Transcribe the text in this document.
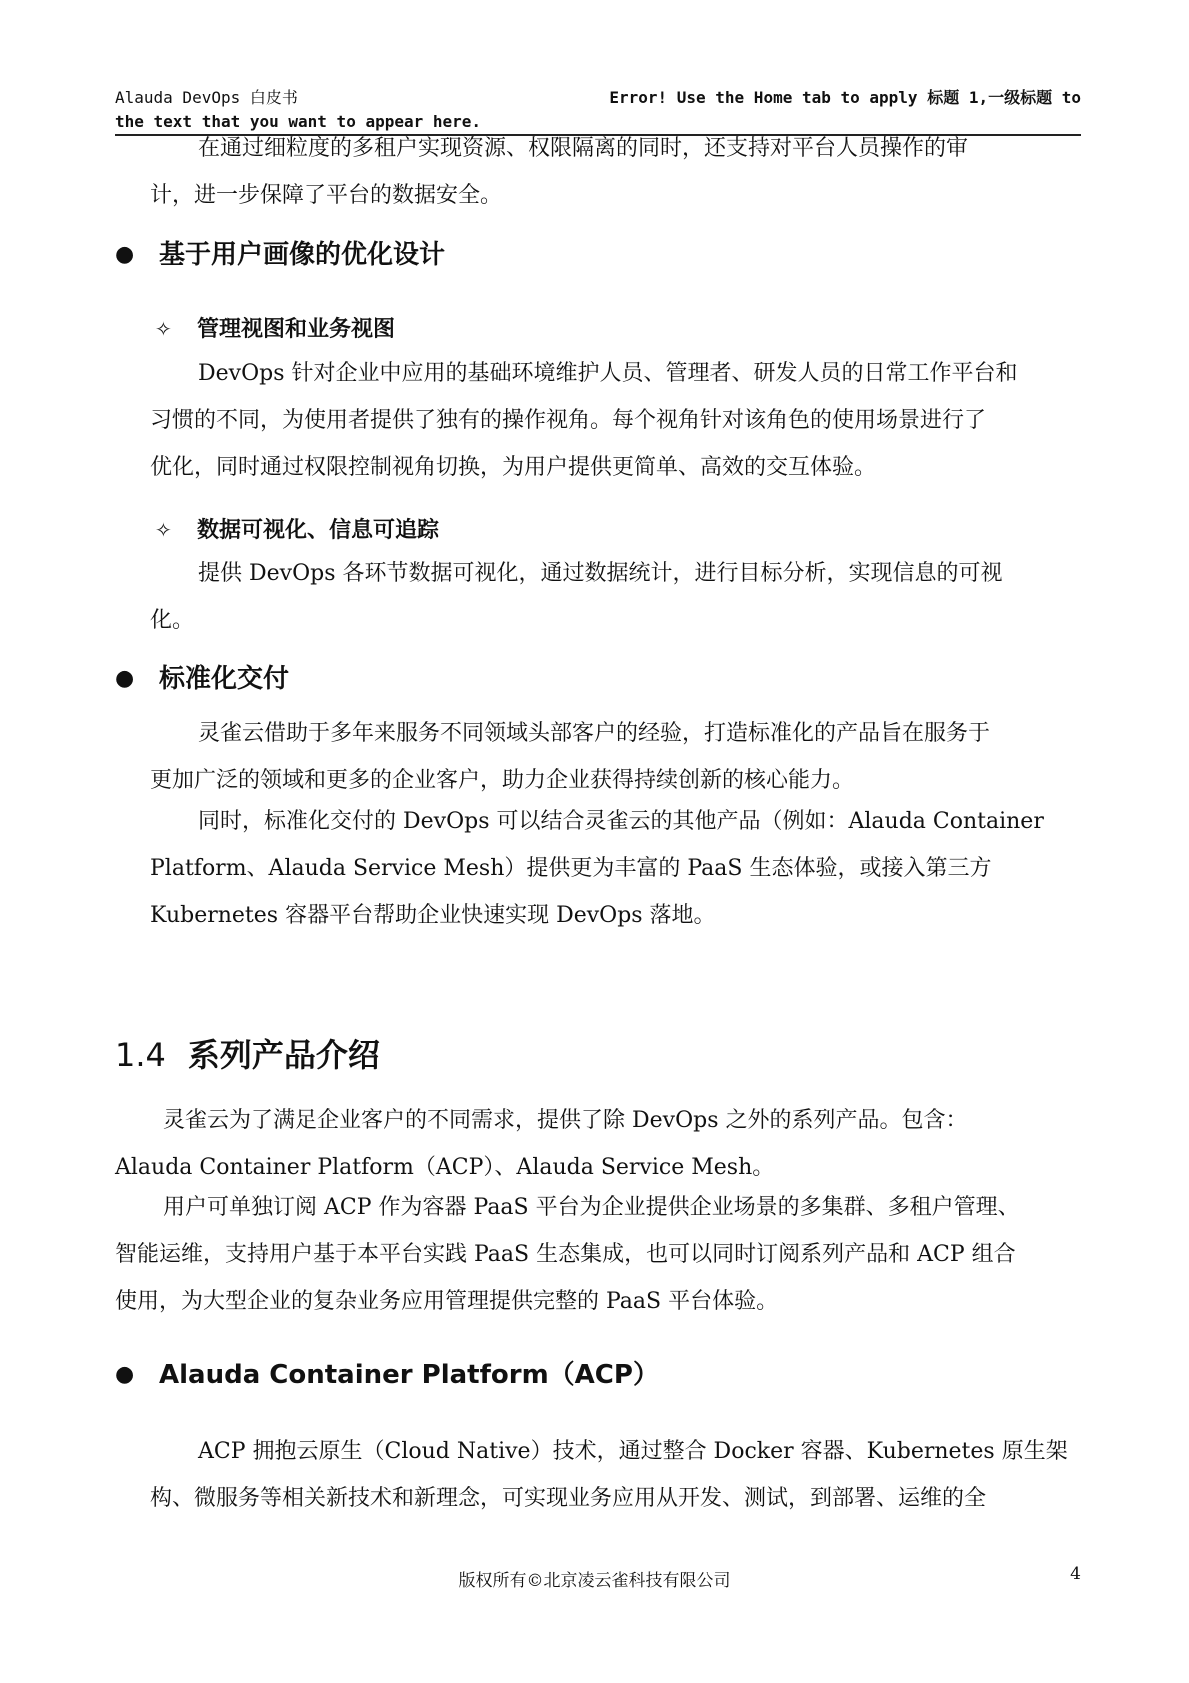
Alauda DevOps 白皮书
the text that you want to appear here.
Error! Use the Home tab to apply 标题 1,一级标题 to
在通过细粒度的多租户实现资源、权限隔离的同时，还支持对平台人员操作的审
计，进一步保障了平台的数据安全。
● 基于用户画像的优化设计
✧ 管理视图和业务视图
DevOps 针对企业中应用的基础环境维护人员、管理者、研发人员的日常工作平台和
习惯的不同，为使用者提供了独有的操作视角。每个视角针对该角色的使用场景进行了
优化，同时通过权限控制视角切换，为用户提供更简单、高效的交互体验。
✧ 数据可视化、信息可追踪
提供 DevOps 各环节数据可视化，通过数据统计，进行目标分析，实现信息的可视
化。
● 标准化交付
灵雀云借助于多年来服务不同领域头部客户的经验，打造标准化的产品旨在服务于
更加广泛的领域和更多的企业客户，助力企业获得持续创新的核心能力。
同时，标准化交付的 DevOps 可以结合灵雀云的其他产品（例如：Alauda Container
Platform、Alauda Service Mesh）提供更为丰富的 PaaS 生态体验，或接入第三方
Kubernetes 容器平台帮助企业快速实现 DevOps 落地。
1.4 系列产品介绍
灵雀云为了满足企业客户的不同需求，提供了除 DevOps 之外的系列产品。包含：
Alauda Container Platform（ACP）、Alauda Service Mesh。
用户可单独订阅 ACP 作为容器 PaaS 平台为企业提供企业场景的多集群、多租户管理、
智能运维，支持用户基于本平台实践 PaaS 生态集成，也可以同时订阅系列产品和 ACP 组合
使用，为大型企业的复杂业务应用管理提供完整的 PaaS 平台体验。
● Alauda Container Platform（ACP）
ACP 拥抱云原生（Cloud Native）技术，通过整合 Docker 容器、Kubernetes 原生架
构、微服务等相关新技术和新理念，可实现业务应用从开发、测试，到部署、运维的全
版权所有©北京凌云雀科技有限公司	4
